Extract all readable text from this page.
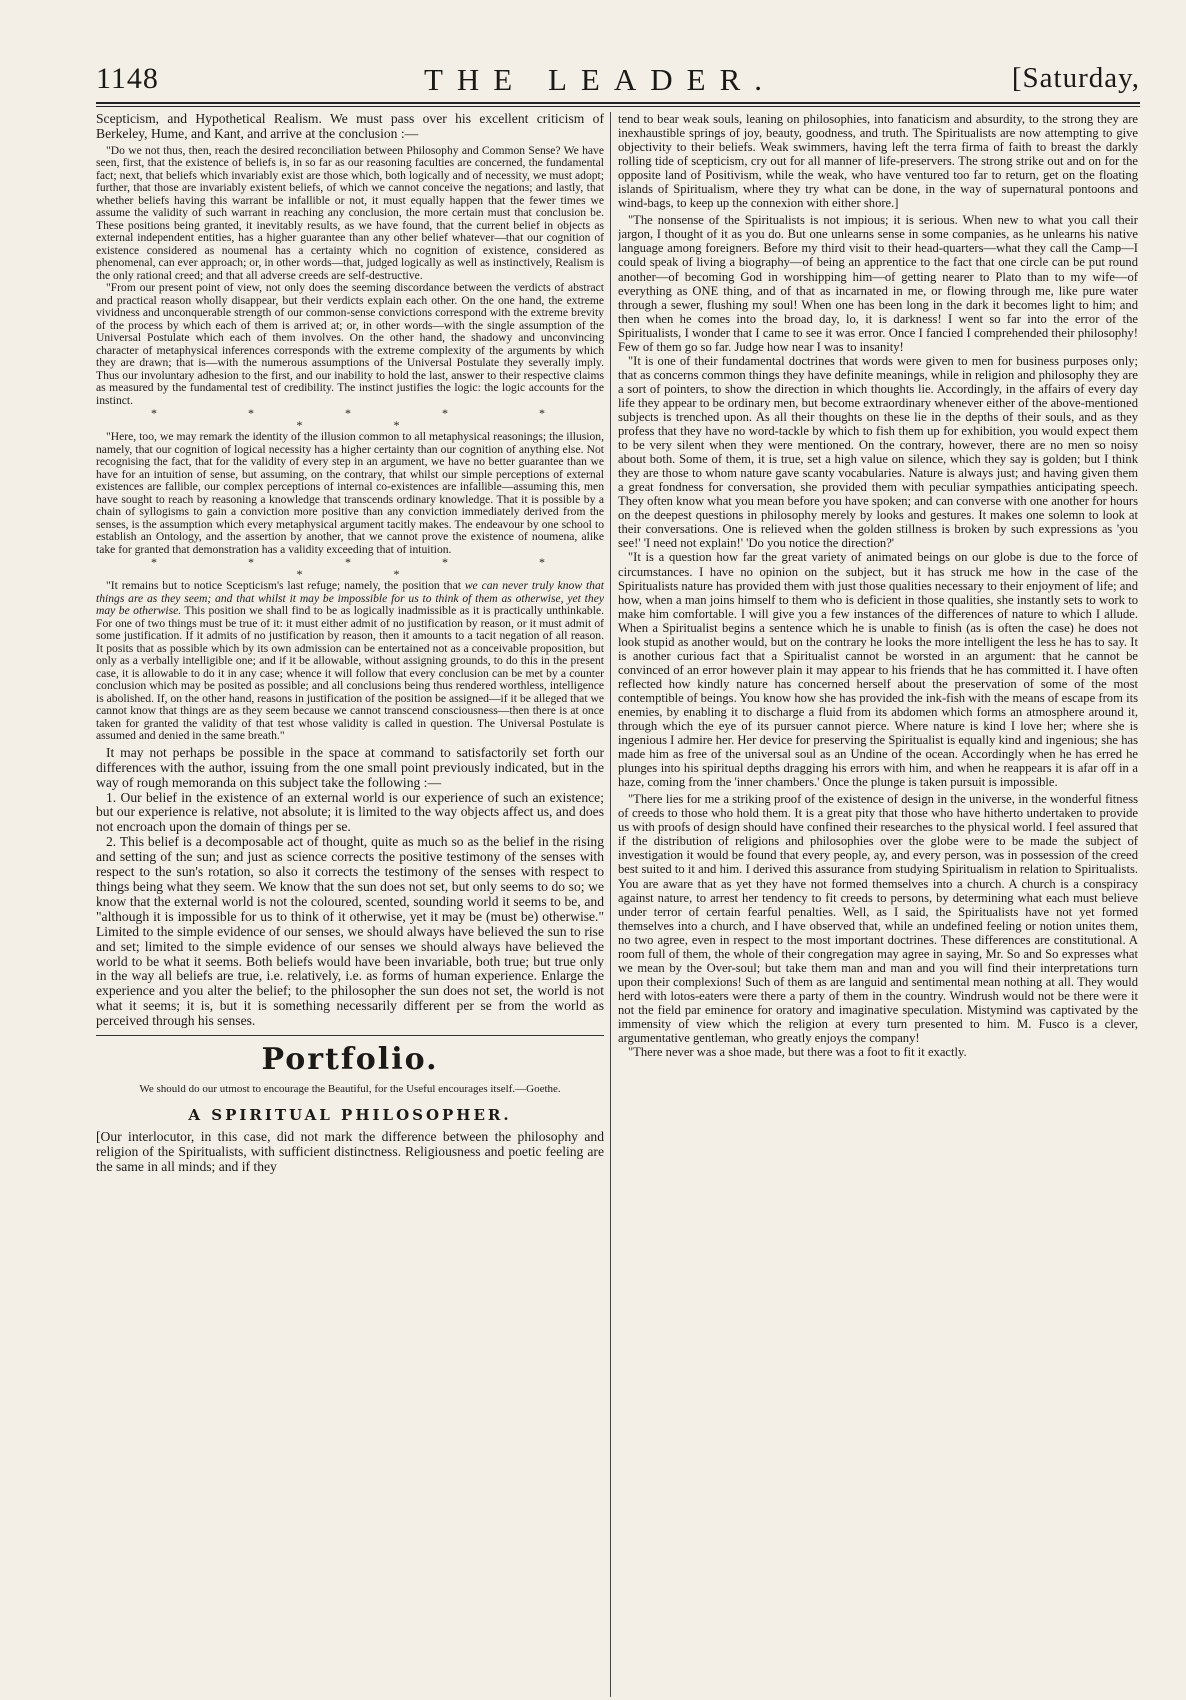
1148	THE LEADER.	[Saturday,

Scepticism, and Hypothetical Realism. We must pass over his excellent criticism of Berkeley, Hume, and Kant, and arrive at the conclusion :—

"Do we not thus, then, reach the desired reconciliation between Philosophy and Common Sense? We have seen, first, that the existence of beliefs is, in so far as our reasoning faculties are concerned, the fundamental fact; next, that beliefs which invariably exist are those which, both logically and of necessity, we must adopt; further, that those are invariably existent beliefs, of which we cannot conceive the negations; and lastly, that whether beliefs having this warrant be infallible or not, it must equally happen that the fewer times we assume the validity of such warrant in reaching any conclusion, the more certain must that conclusion be. These positions being granted, it inevitably results, as we have found, that the current belief in objects as external independent entities, has a higher guarantee than any other belief whatever—that our cognition of existence considered as noumenal has a certainty which no cognition of existence, considered as phenomenal, can ever approach; or, in other words—that, judged logically as well as instinctively, Realism is the only rational creed; and that all adverse creeds are self-destructive.

"From our present point of view, not only does the seeming discordance between the verdicts of abstract and practical reason wholly disappear, but their verdicts explain each other. On the one hand, the extreme vividness and unconquerable strength of our common-sense convictions correspond with the extreme brevity of the process by which each of them is arrived at; or, in other words—with the single assumption of the Universal Postulate which each of them involves. On the other hand, the shadowy and unconvincing character of metaphysical inferences corresponds with the extreme complexity of the arguments by which they are drawn; that is—with the numerous assumptions of the Universal Postulate they severally imply. Thus our involuntary adhesion to the first, and our inability to hold the last, answer to their respective claims as measured by the fundamental test of credibility. The instinct justifies the logic: the logic accounts for the instinct.

* * * * * * *

"Here, too, we may remark the identity of the illusion common to all metaphysical reasonings; the illusion, namely, that our cognition of logical necessity has a higher certainty than our cognition of anything else. Not recognising the fact, that for the validity of every step in an argument, we have no better guarantee than we have for an intuition of sense, but assuming, on the contrary, that whilst our simple perceptions of external existences are fallible, our complex perceptions of internal co-existences are infallible—assuming this, men have sought to reach by reasoning a knowledge that transcends ordinary knowledge. That it is possible by a chain of syllogisms to gain a conviction more positive than any conviction immediately derived from the senses, is the assumption which every metaphysical argument tacitly makes. The endeavour by one school to establish an Ontology, and the assertion by another, that we cannot prove the existence of noumena, alike take for granted that demonstration has a validity exceeding that of intuition.

* * * * * * *

"It remains but to notice Scepticism's last refuge; namely, the position that we can never truly know that things are as they seem; and that whilst it may be impossible for us to think of them as otherwise, yet they may be otherwise. This position we shall find to be as logically inadmissible as it is practically unthinkable. For one of two things must be true of it: it must either admit of no justification by reason, or it must admit of some justification. If it admits of no justification by reason, then it amounts to a tacit negation of all reason. It posits that as possible which by its own admission can be entertained not as a conceivable proposition, but only as a verbally intelligible one; and if it be allowable, without assigning grounds, to do this in the present case, it is allowable to do it in any case; whence it will follow that every conclusion can be met by a counter conclusion which may be posited as possible; and all conclusions being thus rendered worthless, intelligence is abolished. If, on the other hand, reasons in justification of the position be assigned—if it be alleged that we cannot know that things are as they seem because we cannot transcend consciousness—then there is at once taken for granted the validity of that test whose validity is called in question. The Universal Postulate is assumed and denied in the same breath."

It may not perhaps be possible in the space at command to satisfactorily set forth our differences with the author, issuing from the one small point previously indicated, but in the way of rough memoranda on this subject take the following :—

1. Our belief in the existence of an external world is our experience of such an existence; but our experience is relative, not absolute; it is limited to the way objects affect us, and does not encroach upon the domain of things per se.

2. This belief is a decomposable act of thought, quite as much so as the belief in the rising and setting of the sun; and just as science corrects the positive testimony of the senses with respect to the sun's rotation, so also it corrects the testimony of the senses with respect to things being what they seem. We know that the sun does not set, but only seems to do so; we know that the external world is not the coloured, scented, sounding world it seems to be, and "although it is impossible for us to think of it otherwise, yet it may be (must be) otherwise." Limited to the simple evidence of our senses, we should always have believed the sun to rise and set; limited to the simple evidence of our senses we should always have believed the world to be what it seems. Both beliefs would have been invariable, both true; but true only in the way all beliefs are true, i.e. relatively, i.e. as forms of human experience. Enlarge the experience and you alter the belief; to the philosopher the sun does not set, the world is not what it seems; it is, but it is something necessarily different per se from the world as perceived through his senses.

Portfolio.

We should do our utmost to encourage the Beautiful, for the Useful encourages itself.—Goethe.

A SPIRITUAL PHILOSOPHER.

[Our interlocutor, in this case, did not mark the difference between the philosophy and religion of the Spiritualists, with sufficient distinctness. Religiousness and poetic feeling are the same in all minds; and if they

tend to bear weak souls, leaning on philosophies, into fanaticism and absurdity, to the strong they are inexhaustible springs of joy, beauty, goodness, and truth. The Spiritualists are now attempting to give objectivity to their beliefs. Weak swimmers, having left the terra firma of faith to breast the darkly rolling tide of scepticism, cry out for all manner of life-preservers. The strong strike out and on for the opposite land of Positivism, while the weak, who have ventured too far to return, get on the floating islands of Spiritualism, where they try what can be done, in the way of supernatural pontoons and wind-bags, to keep up the connexion with either shore.]

"The nonsense of the Spiritualists is not impious; it is serious. When new to what you call their jargon, I thought of it as you do. But one unlearns sense in some companies, as he unlearns his native language among foreigners. Before my third visit to their head-quarters—what they call the Camp—I could speak of living a biography—of being an apprentice to the fact that one circle can be put round another—of becoming God in worshipping him—of getting nearer to Plato than to my wife—of everything as ONE thing, and of that as incarnated in me, or flowing through me, like pure water through a sewer, flushing my soul! When one has been long in the dark it becomes light to him; and then when he comes into the broad day, lo, it is darkness! I went so far into the error of the Spiritualists, I wonder that I came to see it was error. Once I fancied I comprehended their philosophy! Few of them go so far. Judge how near I was to insanity!

"It is one of their fundamental doctrines that words were given to men for business purposes only; that as concerns common things they have definite meanings, while in religion and philosophy they are a sort of pointers, to show the direction in which thoughts lie. Accordingly, in the affairs of every day life they appear to be ordinary men, but become extraordinary whenever either of the above-mentioned subjects is trenched upon. As all their thoughts on these lie in the depths of their souls, and as they profess that they have no word-tackle by which to fish them up for exhibition, you would expect them to be very silent when they were mentioned. On the contrary, however, there are no men so noisy about both. Some of them, it is true, set a high value on silence, which they say is golden; but I think they are those to whom nature gave scanty vocabularies. Nature is always just; and having given them a great fondness for conversation, she provided them with peculiar sympathies anticipating speech. They often know what you mean before you have spoken; and can converse with one another for hours on the deepest questions in philosophy merely by looks and gestures. It makes one solemn to look at their conversations. One is relieved when the golden stillness is broken by such expressions as 'you see!' 'I need not explain!' 'Do you notice the direction?'

"It is a question how far the great variety of animated beings on our globe is due to the force of circumstances. I have no opinion on the subject, but it has struck me how in the case of the Spiritualists nature has provided them with just those qualities necessary to their enjoyment of life; and how, when a man joins himself to them who is deficient in those qualities, she instantly sets to work to make him comfortable. I will give you a few instances of the differences of nature to which I allude. When a Spiritualist begins a sentence which he is unable to finish (as is often the case) he does not look stupid as another would, but on the contrary he looks the more intelligent the less he has to say. It is another curious fact that a Spiritualist cannot be worsted in an argument: that he cannot be convinced of an error however plain it may appear to his friends that he has committed it. I have often reflected how kindly nature has concerned herself about the preservation of some of the most contemptible of beings. You know how she has provided the ink-fish with the means of escape from its enemies, by enabling it to discharge a fluid from its abdomen which forms an atmosphere around it, through which the eye of its pursuer cannot pierce. Where nature is kind I love her; where she is ingenious I admire her. Her device for preserving the Spiritualist is equally kind and ingenious; she has made him as free of the universal soul as an Undine of the ocean. Accordingly when he has erred he plunges into his spiritual depths dragging his errors with him, and when he reappears it is afar off in a haze, coming from the 'inner chambers.' Once the plunge is taken pursuit is impossible.

"There lies for me a striking proof of the existence of design in the universe, in the wonderful fitness of creeds to those who hold them. It is a great pity that those who have hitherto undertaken to provide us with proofs of design should have confined their researches to the physical world. I feel assured that if the distribution of religions and philosophies over the globe were to be made the subject of investigation it would be found that every people, ay, and every person, was in possession of the creed best suited to it and him. I derived this assurance from studying Spiritualism in relation to Spiritualists. You are aware that as yet they have not formed themselves into a church. A church is a conspiracy against nature, to arrest her tendency to fit creeds to persons, by determining what each must believe under terror of certain fearful penalties. Well, as I said, the Spiritualists have not yet formed themselves into a church, and I have observed that, while an undefined feeling or notion unites them, no two agree, even in respect to the most important doctrines. These differences are constitutional. A room full of them, the whole of their congregation may agree in saying, Mr. So and So expresses what we mean by the Over-soul; but take them man and man and you will find their interpretations turn upon their complexions! Such of them as are languid and sentimental mean nothing at all. They would herd with lotos-eaters were there a party of them in the country. Windrush would not be there were it not the field par eminence for oratory and imaginative speculation. Mistymind was captivated by the immensity of view which the religion at every turn presented to him. M. Fusco is a clever, argumentative gentleman, who greatly enjoys the company!

"There never was a shoe made, but there was a foot to fit it exactly.
